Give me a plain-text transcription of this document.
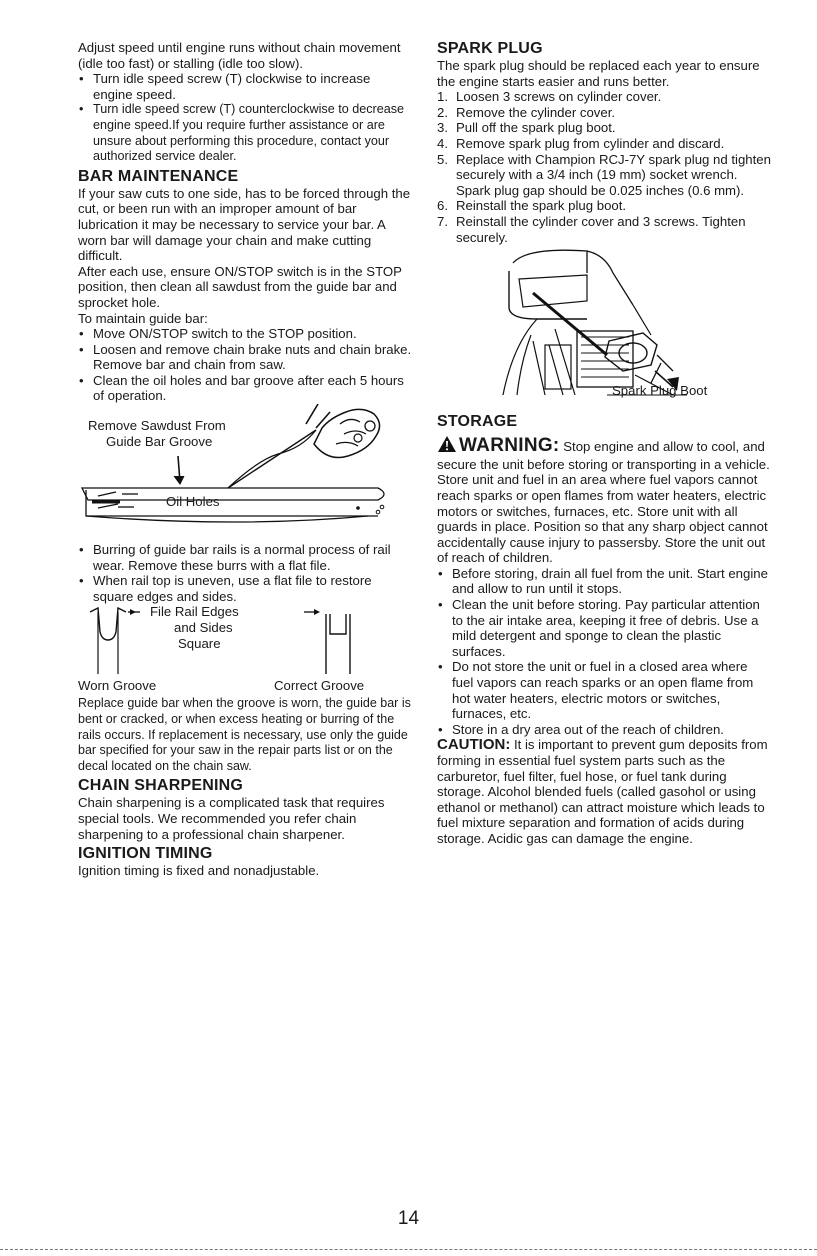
Adjust speed until engine runs without chain movement (idle too fast) or stalling (idle too slow).

• Turn idle speed screw (T) clockwise to increase engine speed.
• Turn idle speed screw (T) counterclockwise to decrease engine speed.If you require further assistance or are unsure about performing this procedure, contact your authorized service dealer.
BAR MAINTENANCE

If your saw cuts to one side, has to be forced through the cut, or been run with an improper amount of bar lubrication it may be necessary to service your bar. A worn bar will damage your chain and make cutting difficult.

After each use, ensure ON/STOP switch is in the STOP position, then clean all sawdust from the guide bar and sprocket hole.

To maintain guide bar:

• Move ON/STOP switch to the STOP position.
• Loosen and remove chain brake nuts and chain brake. Remove bar and chain from saw.
• Clean the oil holes and bar groove after each 5 hours of operation.
Remove Sawdust From
Guide Bar Groove
Oil Holes
• Burring of guide bar rails is a normal process of rail wear. Remove these burrs with a flat file.
• When rail top is uneven, use a flat file to restore square edges and sides.
File Rail Edges
and Sides
Square
Worn Groove	Correct Groove

Replace guide bar when the groove is worn, the guide bar is bent or cracked, or when excess heating or burring of the rails occurs. If replacement is necessary, use only the guide bar specified for your saw in the repair parts list or on the decal located on the chain saw.

CHAIN SHARPENING

Chain sharpening is a complicated task that requires special tools. We recommended you refer chain sharpening to a professional chain sharpener.

IGNITION TIMING

Ignition timing is fixed and nonadjustable.

SPARK PLUG

The spark plug should be replaced each year to ensure the engine starts easier and runs better.

1. Loosen 3 screws on cylinder cover.
2. Remove the cylinder cover.
3. Pull off the spark plug boot.
4. Remove spark plug from cylinder and discard.
5. Replace with Champion RCJ-7Y spark plug nd tighten securely with a 3/4 inch (19 mm) socket wrench. Spark plug gap should be 0.025 inches (0.6 mm).
6. Reinstall the spark plug boot.
7. Reinstall the cylinder cover and 3 screws. Tighten securely.
Spark Plug Boot
STORAGE
WARNING: Stop engine and allow to cool, and secure the unit before storing or transporting in a vehicle. Store unit and fuel in an area where fuel vapors cannot reach sparks or open flames from water heaters, electric motors or switches, furnaces, etc. Store unit with all guards in place. Position so that any sharp object cannot accidentally cause injury to passersby. Store the unit out of reach of children.
• Before storing, drain all fuel from the unit. Start engine and allow to run until it stops.
• Clean the unit before storing. Pay particular attention to the air intake area, keeping it free of debris. Use a mild detergent and sponge to clean the plastic surfaces.
• Do not store the unit or fuel in a closed area where fuel vapors can reach sparks or an open flame from hot water heaters, electric motors or switches, furnaces, etc.
• Store in a dry area out of the reach of children.

CAUTION: It is important to prevent gum deposits from forming in essential fuel system parts such as the carburetor, fuel filter, fuel hose, or fuel tank during storage. Alcohol blended fuels (called gasohol or using ethanol or methanol) can attract moisture which leads to fuel mixture separation and formation of acids during storage. Acidic gas can damage the engine.

14
